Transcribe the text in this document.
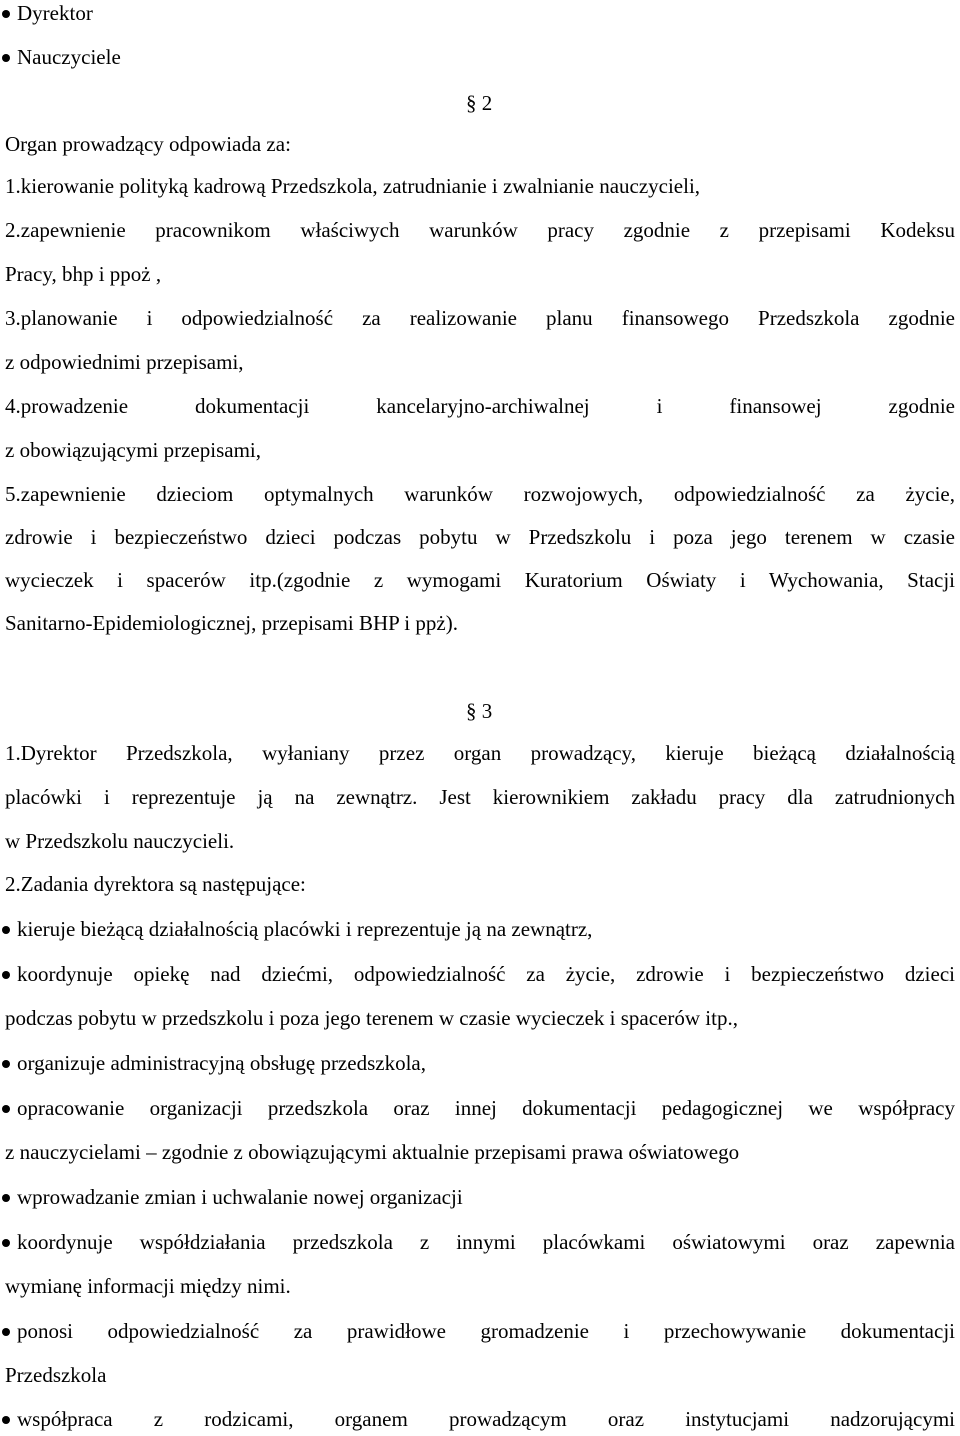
Dyrektor
Nauczyciele
§ 2
Organ prowadzący odpowiada za:
1.kierowanie polityką kadrową Przedszkola, zatrudnianie i zwalnianie nauczycieli,
2.zapewnienie pracownikom właściwych warunków pracy zgodnie z przepisami Kodeksu
Pracy, bhp i ppoż ,
3.planowanie i odpowiedzialność za realizowanie planu finansowego Przedszkola zgodnie
z odpowiednimi przepisami,
4.prowadzenie dokumentacji kancelaryjno-archiwalnej i finansowej zgodnie
z obowiązującymi przepisami,
5.zapewnienie dzieciom optymalnych warunków rozwojowych, odpowiedzialność za życie,
zdrowie i bezpieczeństwo dzieci podczas pobytu w Przedszkolu i poza jego terenem w czasie
wycieczek i spacerów itp.(zgodnie z wymogami Kuratorium Oświaty i Wychowania, Stacji
Sanitarno-Epidemiologicznej, przepisami BHP i ppż).
§ 3
1.Dyrektor Przedszkola, wyłaniany przez organ prowadzący, kieruje bieżącą działalnością
placówki i reprezentuje ją na zewnątrz. Jest kierownikiem zakładu pracy dla zatrudnionych
w Przedszkolu nauczycieli.
2.Zadania dyrektora są następujące:
kieruje bieżącą działalnością placówki i reprezentuje ją na zewnątrz,
koordynuje opiekę nad dziećmi, odpowiedzialność za życie, zdrowie i bezpieczeństwo dzieci
podczas pobytu w przedszkolu i poza jego terenem w czasie wycieczek i spacerów itp.,
organizuje administracyjną obsługę przedszkola,
opracowanie organizacji przedszkola oraz innej dokumentacji pedagogicznej we współpracy
z nauczycielami – zgodnie z obowiązującymi aktualnie przepisami prawa oświatowego
wprowadzanie zmian i uchwalanie nowej organizacji
koordynuje współdziałania przedszkola z innymi placówkami oświatowymi oraz zapewnia
wymianę informacji między nimi.
ponosi odpowiedzialność za prawidłowe gromadzenie i przechowywanie dokumentacji
Przedszkola
współpraca z rodzicami, organem prowadzącym oraz instytucjami nadzorującymi
